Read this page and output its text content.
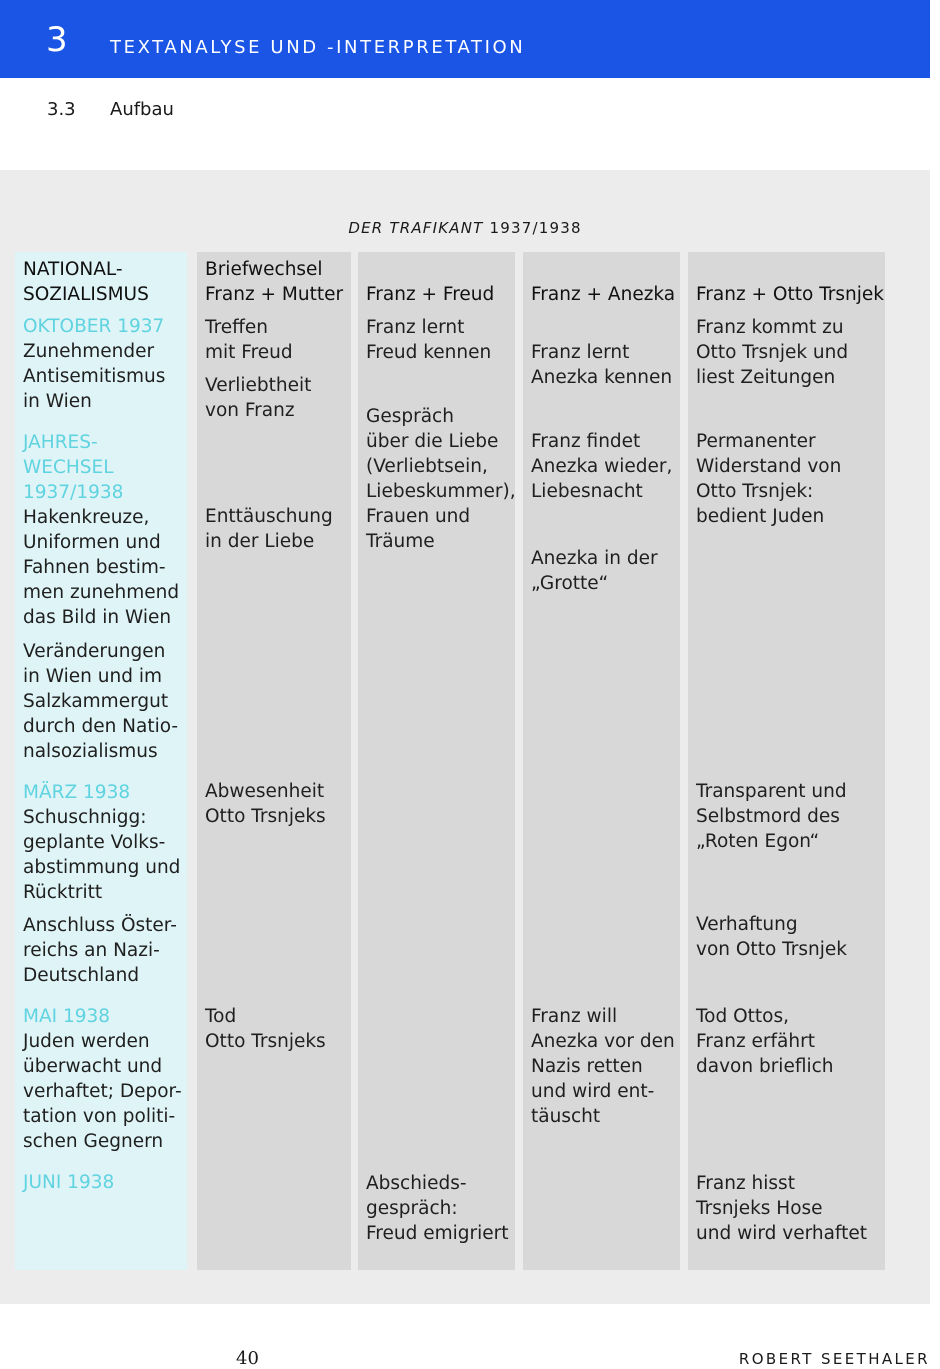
3 TEXTANALYSE UND -INTERPRETATION
3.3 Aufbau
DER TRAFIKANT 1937/1938
NATIONAL-
SOZIALISMUS
OKTOBER 1937
Zunehmender
Antisemitismus
in Wien
JAHRES-
WECHSEL
1937/1938
Hakenkreuze,
Uniformen und
Fahnen bestim-
men zunehmend
das Bild in Wien
Veränderungen
in Wien und im
Salzkammergut
durch den Natio-
nalsozialismus
MÄRZ 1938
Schuschnigg:
geplante Volks-
abstimmung und
Rücktritt
Anschluss Öster-
reichs an Nazi-
Deutschland
MAI 1938
Juden werden
überwacht und
verhaftet; Depor-
tation von politi-
schen Gegnern
JUNI 1938
Briefwechsel
Franz + Mutter
Treffen
mit Freud
Verliebtheit
von Franz
Enttäuschung
in der Liebe
Abwesenheit
Otto Trsnjeks
Tod
Otto Trsnjeks
Franz + Freud
Franz lernt
Freud kennen
Gespräch
über die Liebe
(Verliebtsein,
Liebeskummer),
Frauen und
Träume
Abschieds-
gespräch:
Freud emigriert
Franz + Anezka
Franz lernt
Anezka kennen
Franz findet
Anezka wieder,
Liebesnacht
Anezka in der
„Grotte“
Franz will
Anezka vor den
Nazis retten
und wird ent-
täuscht
Franz + Otto Trsnjek
Franz kommt zu
Otto Trsnjek und
liest Zeitungen
Permanenter
Widerstand von
Otto Trsnjek:
bedient Juden
Transparent und
Selbstmord des
„Roten Egon“
Verhaftung
von Otto Trsnjek
Tod Ottos,
Franz erfährt
davon brieflich
Franz hisst
Trsnjeks Hose
und wird verhaftet
40	ROBERT SEETHALER
